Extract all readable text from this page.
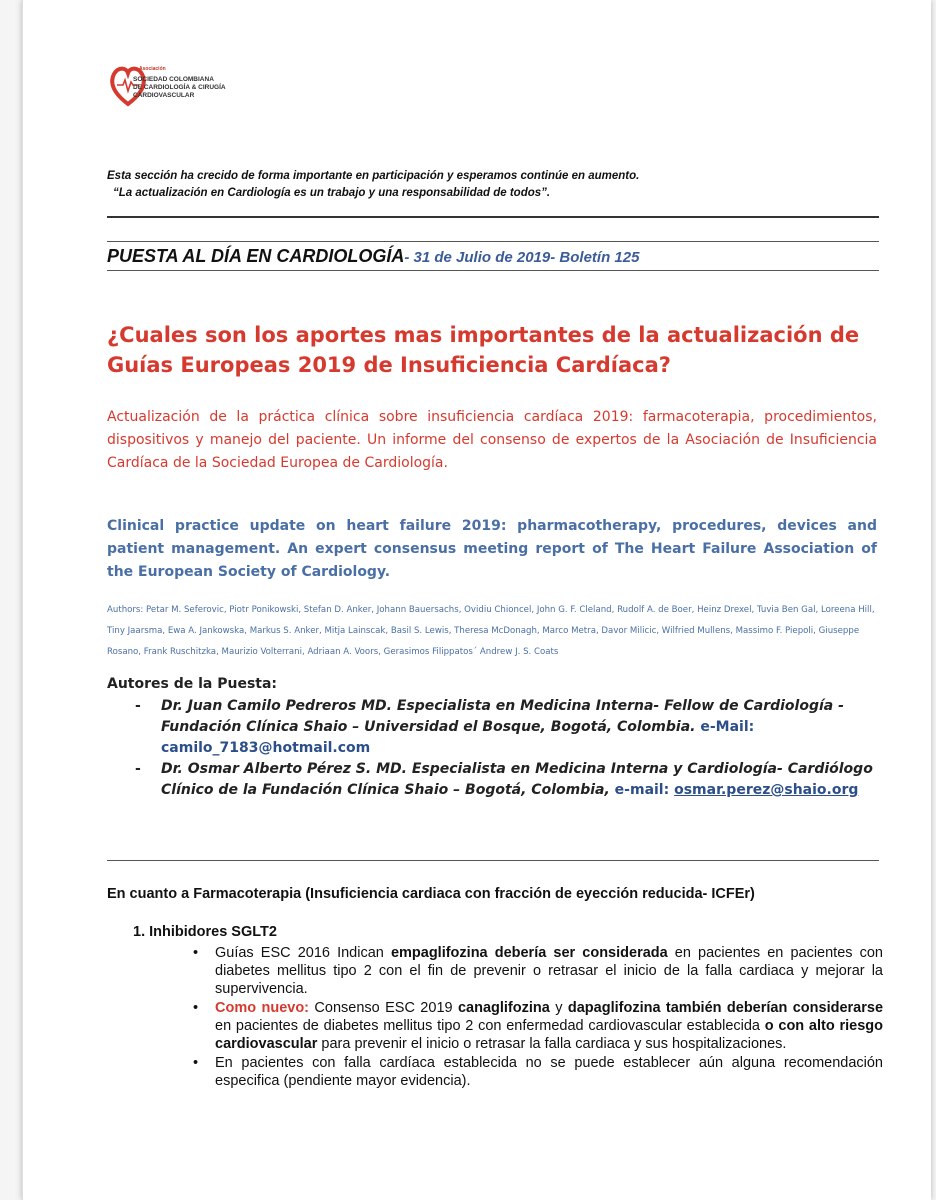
Asociación
SOCIEDAD COLOMBIANA
DE CARDIOLOGÍA & CIRUGÍA
CARDIOVASCULAR
Esta sección ha crecido de forma importante en participación y esperamos continúe en aumento.
“La actualización en Cardiología es un trabajo y una responsabilidad de todos”.
PUESTA AL DÍA EN CARDIOLOGÍA- 31 de Julio de 2019- Boletín 125
¿Cuales son los aportes mas importantes de la actualización de Guías Europeas 2019 de Insuficiencia Cardíaca?
Actualización de la práctica clínica sobre insuficiencia cardíaca 2019: farmacoterapia, procedimientos, dispositivos y manejo del paciente. Un informe del consenso de expertos de la Asociación de Insuficiencia Cardíaca de la Sociedad Europea de Cardiología.
Clinical practice update on heart failure 2019: pharmacotherapy, procedures, devices and patient management. An expert consensus meeting report of The Heart Failure Association of the European Society of Cardiology.
Authors: Petar M. Seferovic, Piotr Ponikowski, Stefan D. Anker, Johann Bauersachs, Ovidiu Chioncel, John G. F. Cleland, Rudolf A. de Boer, Heinz Drexel, Tuvia Ben Gal, Loreena Hill, Tiny Jaarsma, Ewa A. Jankowska, Markus S. Anker, Mitja Lainscak, Basil S. Lewis, Theresa McDonagh, Marco Metra, Davor Milicic, Wilfried Mullens, Massimo F. Piepoli, Giuseppe Rosano, Frank Ruschitzka, Maurizio Volterrani, Adriaan A. Voors, Gerasimos Filippatos´ Andrew J. S. Coats
Autores de la Puesta:
- Dr. Juan Camilo Pedreros MD. Especialista en Medicina Interna- Fellow de Cardiología - Fundación Clínica Shaio – Universidad el Bosque, Bogotá, Colombia. e-Mail: camilo_7183@hotmail.com
- Dr. Osmar Alberto Pérez S. MD. Especialista en Medicina Interna y Cardiología- Cardiólogo Clínico de la Fundación Clínica Shaio – Bogotá, Colombia, e-mail: osmar.perez@shaio.org
En cuanto a Farmacoterapia (Insuficiencia cardiaca con fracción de eyección reducida- ICFEr)
1. Inhibidores SGLT2
• Guías ESC 2016 Indican empaglifozina debería ser considerada en pacientes en pacientes con diabetes mellitus tipo 2 con el fin de prevenir o retrasar el inicio de la falla cardiaca y mejorar la supervivencia.
• Como nuevo: Consenso ESC 2019 canaglifozina y dapaglifozina también deberían considerarse en pacientes de diabetes mellitus tipo 2 con enfermedad cardiovascular establecida o con alto riesgo cardiovascular para prevenir el inicio o retrasar la falla cardiaca y sus hospitalizaciones.
• En pacientes con falla cardíaca establecida no se puede establecer aún alguna recomendación especifica (pendiente mayor evidencia).
